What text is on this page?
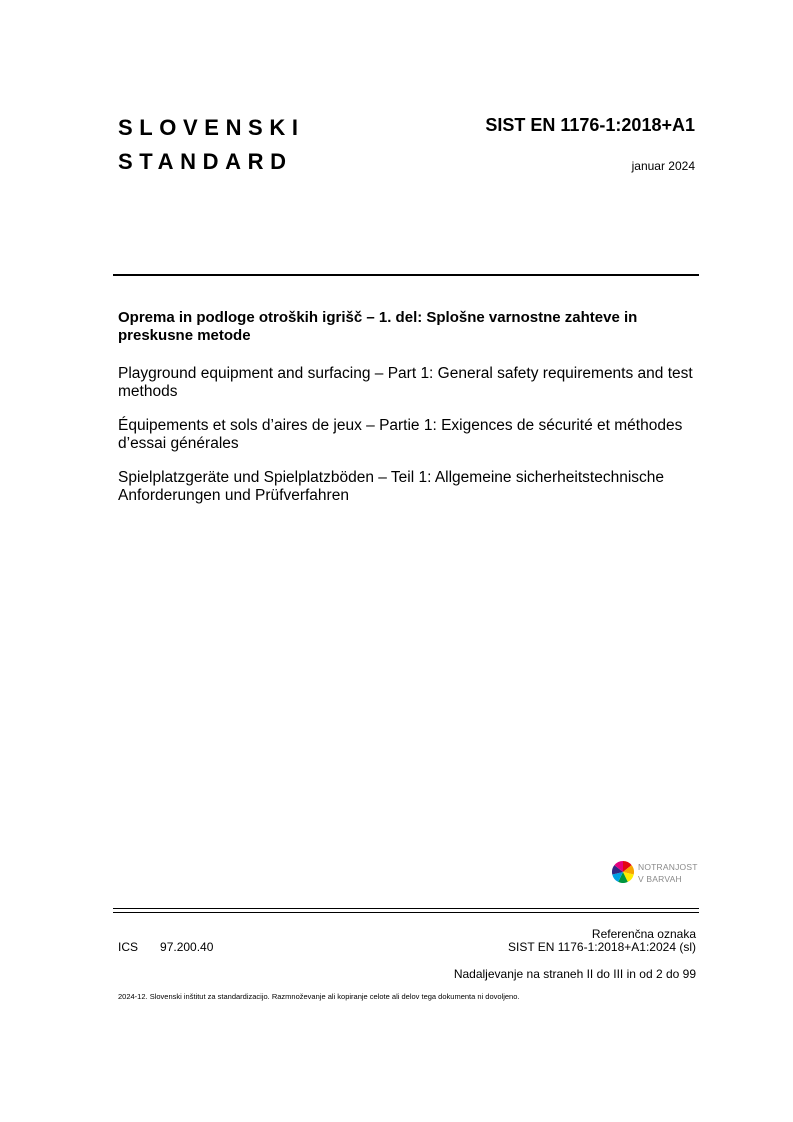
SLOVENSKI
STANDARD
SIST EN 1176-1:2018+A1
januar 2024

Oprema in podloge otroških igrišč – 1. del: Splošne varnostne zahteve in preskusne metode

Playground equipment and surfacing – Part 1: General safety requirements and test methods

Équipements et sols d’aires de jeux – Partie 1: Exigences de sécurité et méthodes d’essai générales

Spielplatzgeräte und Spielplatzböden – Teil 1: Allgemeine sicherheitstechnische Anforderungen und Prüfverfahren

NOTRANJOST
V BARVAH
Referenčna oznaka
SIST EN 1176-1:2018+A1:2024 (sl)
ICS 97.200.40
Nadaljevanje na straneh II do III in od 2 do 99
2024-12. Slovenski inštitut za standardizacijo. Razmnoževanje ali kopiranje celote ali delov tega dokumenta ni dovoljeno.
